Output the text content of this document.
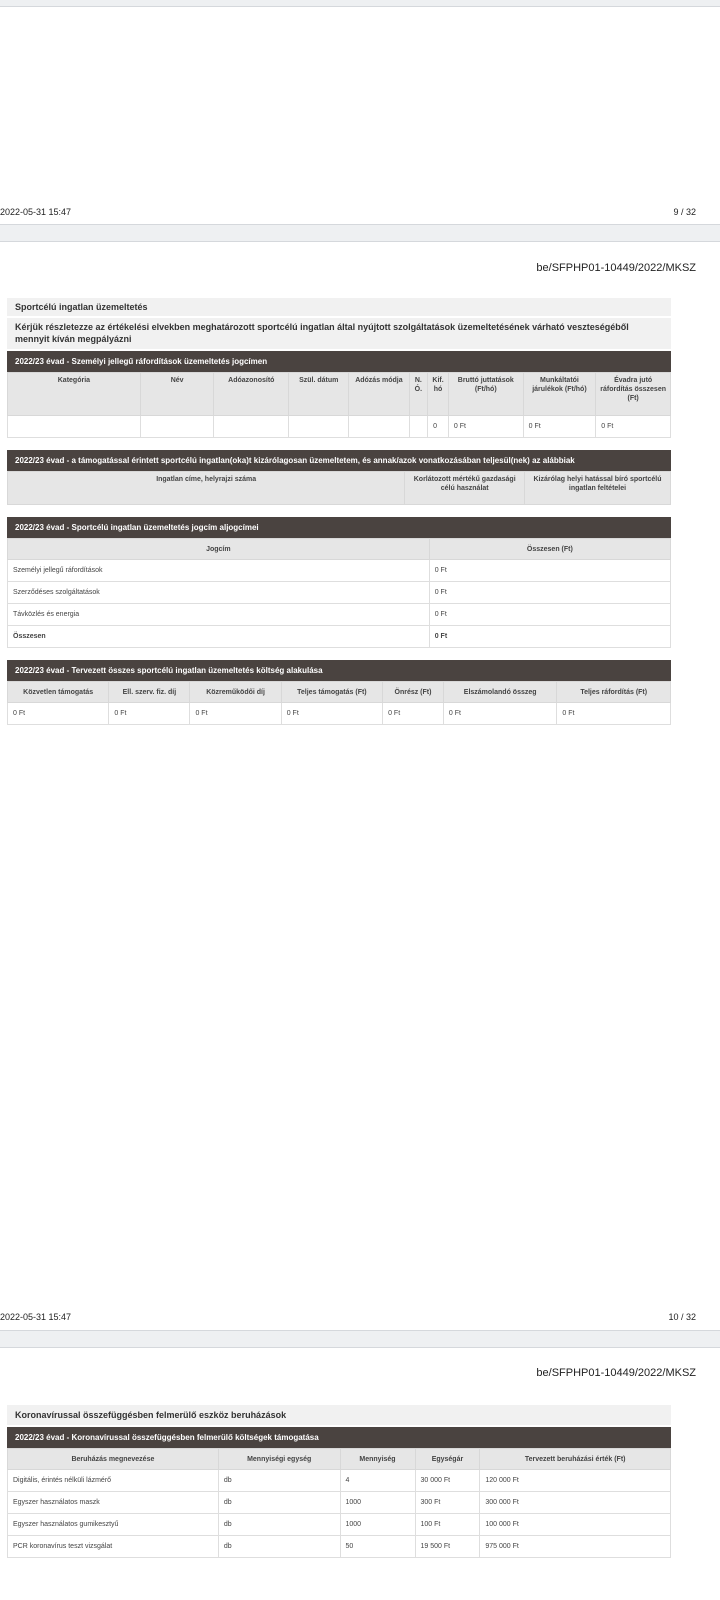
2022-05-31 15:47	9 / 32
be/SFPHP01-10449/2022/MKSZ
Sportcélú ingatlan üzemeltetés
Kérjük részletezze az értékelési elvekben meghatározott sportcélú ingatlan által nyújtott szolgáltatások üzemeltetésének várható veszteségéből mennyit kíván megpályázni
2022/23 évad - Személyi jellegű ráfordítások üzemeltetés jogcímen
Kategória	Név	Adóazonosító	Szül. dátum	Adózás módja	N. Ó.	Kif. hó	Bruttó juttatások (Ft/hó)	Munkáltatói járulékok (Ft/hó)	Évadra jutó ráfordítás összesen (Ft)
						0	0 Ft	0 Ft	0 Ft
2022/23 évad - a támogatással érintett sportcélú ingatlan(oka)t kizárólagosan üzemeltetem, és annak/azok vonatkozásában teljesül(nek) az alábbiak
Ingatlan címe, helyrajzi száma	Korlátozott mértékű gazdasági célú használat	Kizárólag helyi hatással bíró sportcélú ingatlan feltételei
2022/23 évad - Sportcélú ingatlan üzemeltetés jogcím aljogcímei
Jogcím	Összesen (Ft)
Személyi jellegű ráfordítások	0 Ft
Szerződéses szolgáltatások	0 Ft
Távközlés és energia	0 Ft
Összesen	0 Ft
2022/23 évad - Tervezett összes sportcélú ingatlan üzemeltetés költség alakulása
Közvetlen támogatás	Ell. szerv. fiz. díj	Közreműködői díj	Teljes támogatás (Ft)	Önrész (Ft)	Elszámolandó összeg	Teljes ráfordítás (Ft)
0 Ft	0 Ft	0 Ft	0 Ft	0 Ft	0 Ft	0 Ft
2022-05-31 15:47	10 / 32
be/SFPHP01-10449/2022/MKSZ
Koronavírussal összefüggésben felmerülő eszköz beruházások
2022/23 évad - Koronavírussal összefüggésben felmerülő költségek támogatása
Beruházás megnevezése	Mennyiségi egység	Mennyiség	Egységár	Tervezett beruházási érték (Ft)
Digitális, érintés nélküli lázmérő	db	4	30 000 Ft	120 000 Ft
Egyszer használatos maszk	db	1000	300 Ft	300 000 Ft
Egyszer használatos gumikesztyű	db	1000	100 Ft	100 000 Ft
PCR koronavírus teszt vizsgálat	db	50	19 500 Ft	975 000 Ft
